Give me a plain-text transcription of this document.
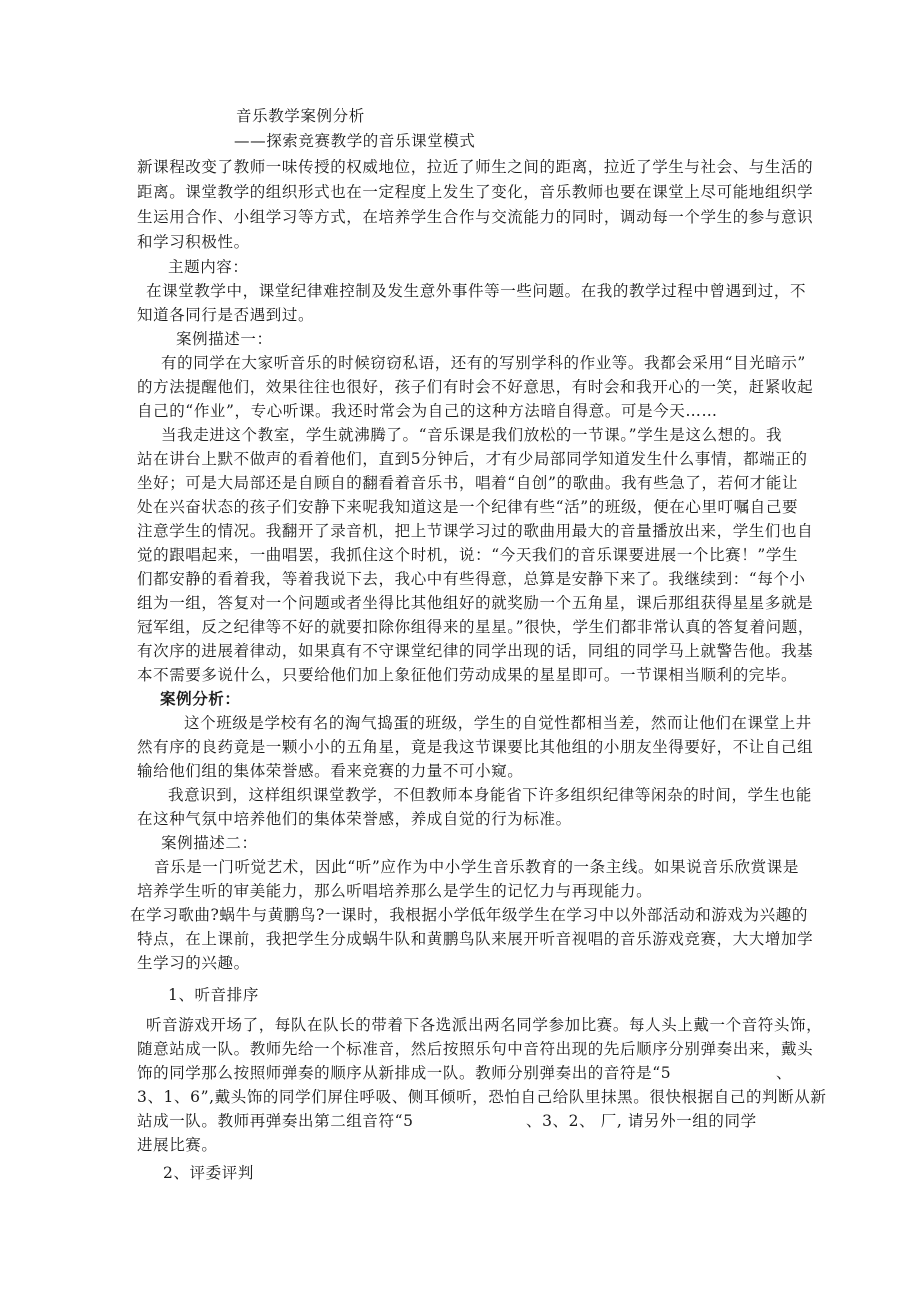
音乐教学案例分析
——探索竞赛教学的音乐课堂模式
新课程改变了教师一味传授的权威地位，拉近了师生之间的距离，拉近了学生与社会、与生活的
距离。课堂教学的组织形式也在一定程度上发生了变化，音乐教师也要在课堂上尽可能地组织学
生运用合作、小组学习等方式，在培养学生合作与交流能力的同时，调动每一个学生的参与意识
和学习积极性。
主题内容：
在课堂教学中，课堂纪律难控制及发生意外事件等一些问题。在我的教学过程中曾遇到过，不
知道各同行是否遇到过。
案例描述一：
有的同学在大家听音乐的时候窃窃私语，还有的写别学科的作业等。我都会采用“目光暗示”
的方法提醒他们，效果往往也很好，孩子们有时会不好意思，有时会和我开心的一笑，赶紧收起
自己的“作业”，专心听课。我还时常会为自己的这种方法暗自得意。可是今天……
当我走进这个教室，学生就沸腾了。“音乐课是我们放松的一节课。”学生是这么想的。我
站在讲台上默不做声的看着他们，直到5分钟后，才有少局部同学知道发生什么事情，都端正的
坐好；可是大局部还是自顾自的翻看着音乐书，唱着“自创”的歌曲。我有些急了，若何才能让
处在兴奋状态的孩子们安静下来呢我知道这是一个纪律有些“活”的班级，便在心里叮嘱自己要
注意学生的情况。我翻开了录音机，把上节课学习过的歌曲用最大的音量播放出来，学生们也自
觉的跟唱起来，一曲唱罢，我抓住这个时机，说：“今天我们的音乐课要进展一个比赛！”学生
们都安静的看着我，等着我说下去，我心中有些得意，总算是安静下来了。我继续到：“每个小
组为一组，答复对一个问题或者坐得比其他组好的就奖励一个五角星，课后那组获得星星多就是
冠军组，反之纪律等不好的就要扣除你组得来的星星。”很快，学生们都非常认真的答复着问题，
有次序的进展着律动，如果真有不守课堂纪律的同学出现的话，同组的同学马上就警告他。我基
本不需要多说什么，只要给他们加上象征他们劳动成果的星星即可。一节课相当顺利的完毕。
案例分析：
这个班级是学校有名的淘气捣蛋的班级，学生的自觉性都相当差，然而让他们在课堂上井
然有序的良药竟是一颗小小的五角星，竟是我这节课要比其他组的小朋友坐得要好，不让自己组
输给他们组的集体荣誉感。看来竞赛的力量不可小窥。
我意识到，这样组织课堂教学，不但教师本身能省下许多组织纪律等闲杂的时间，学生也能
在这种气氛中培养他们的集体荣誉感，养成自觉的行为标准。
案例描述二：
音乐是一门听觉艺术，因此“听”应作为中小学生音乐教育的一条主线。如果说音乐欣赏课是
培养学生听的审美能力，那么听唱培养那么是学生的记忆力与再现能力。
在学习歌曲?蜗牛与黄鹏鸟?一课时，我根据小学低年级学生在学习中以外部活动和游戏为兴趣的
特点，在上课前，我把学生分成蜗牛队和黄鹏鸟队来展开听音视唱的音乐游戏竞赛，大大增加学
生学习的兴趣。
1、听音排序
听音游戏开场了，每队在队长的带着下各选派出两名同学参加比赛。每人头上戴一个音符头饰，
随意站成一队。教师先给一个标准音，然后按照乐句中音符出现的先后顺序分别弹奏出来，戴头
饰的同学那么按照师弹奏的顺序从新排成一队。教师分别弹奏出的音符是“5	、
3、1、6”,戴头饰的同学们屏住呼吸、侧耳倾听，恐怕自己给队里抹黑。很快根据自己的判断从新
站成一队。教师再弹奏出第二组音符“5	、3、2、 厂, 请另外一组的同学
进展比赛。
2、评委评判
